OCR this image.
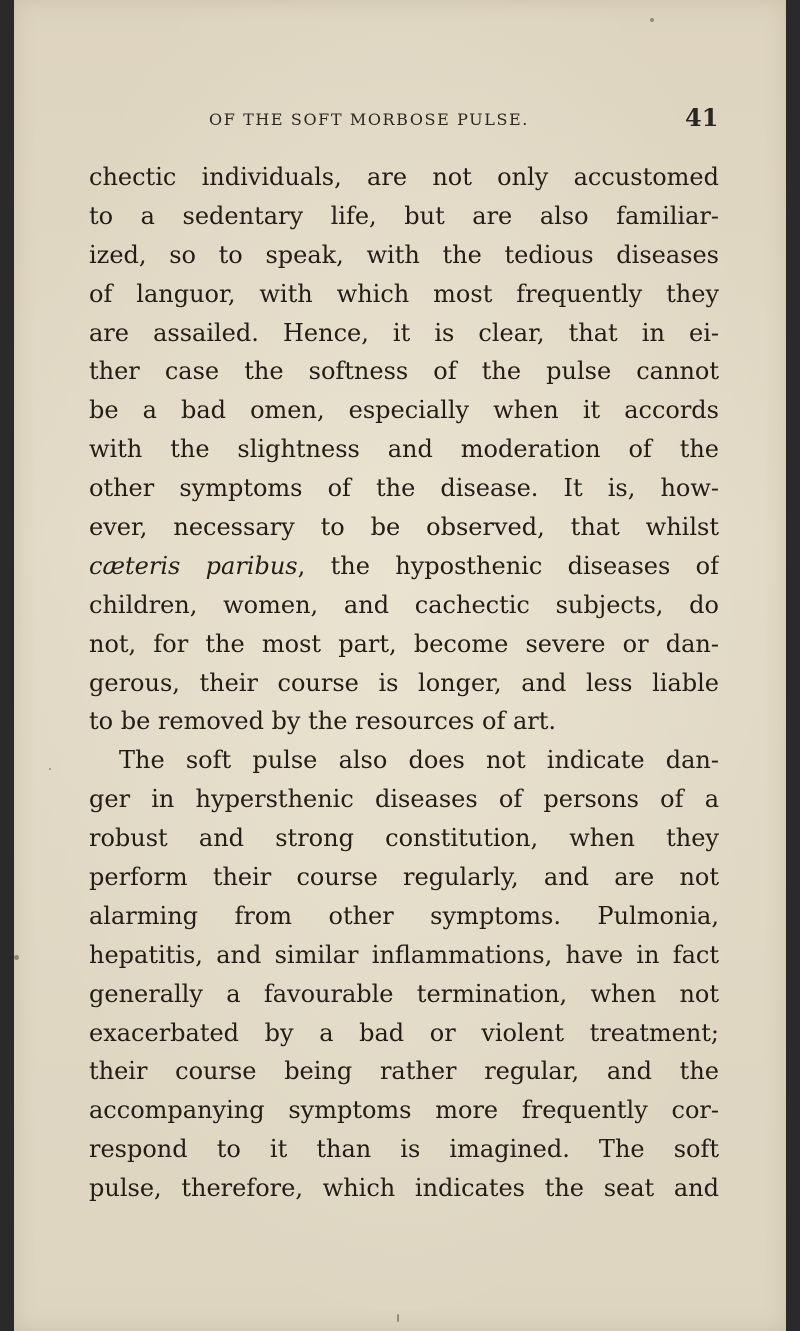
OF THE SOFT MORBOSE PULSE.	41
chectic individuals, are not only accustomed
to a sedentary life, but are also familiar-
ized, so to speak, with the tedious diseases
of languor, with which most frequently they
are assailed. Hence, it is clear, that in ei-
ther case the softness of the pulse cannot
be a bad omen, especially when it accords
with the slightness and moderation of the
other symptoms of the disease. It is, how-
ever, necessary to be observed, that whilst
cæteris paribus, the hyposthenic diseases of
children, women, and cachectic subjects, do
not, for the most part, become severe or dan-
gerous, their course is longer, and less liable
to be removed by the resources of art.
The soft pulse also does not indicate dan-
ger in hypersthenic diseases of persons of a
robust and strong constitution, when they
perform their course regularly, and are not
alarming from other symptoms. Pulmonia,
hepatitis, and similar inflammations, have in fact
generally a favourable termination, when not
exacerbated by a bad or violent treatment;
their course being rather regular, and the
accompanying symptoms more frequently cor-
respond to it than is imagined. The soft
pulse, therefore, which indicates the seat and
